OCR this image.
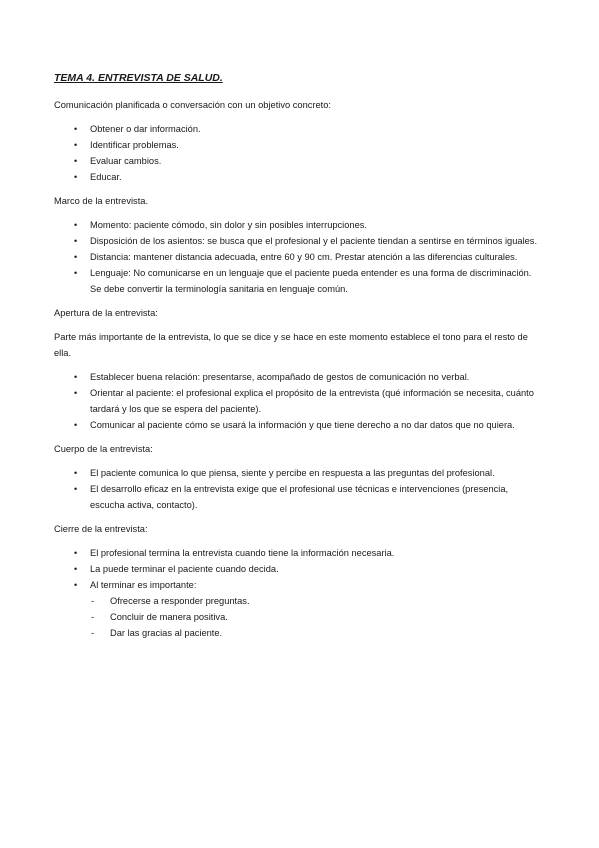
TEMA 4. ENTREVISTA DE SALUD.

Comunicación planificada o conversación con un objetivo concreto:

• Obtener o dar información.
• Identificar problemas.
• Evaluar cambios.
• Educar.

Marco de la entrevista.

• Momento: paciente cómodo, sin dolor y sin posibles interrupciones.
• Disposición de los asientos: se busca que el profesional y el paciente tiendan a sentirse en términos iguales.
• Distancia: mantener distancia adecuada, entre 60 y 90 cm. Prestar atención a las diferencias culturales.
• Lenguaje: No comunicarse en un lenguaje que el paciente pueda entender es una forma de discriminación. Se debe convertir la terminología sanitaria en lenguaje común.

Apertura de la entrevista:

Parte más importante de la entrevista, lo que se dice y se hace en este momento establece el tono para el resto de ella.

• Establecer buena relación: presentarse, acompañado de gestos de comunicación no verbal.
• Orientar al paciente: el profesional explica el propósito de la entrevista (qué información se necesita, cuánto tardará y los que se espera del paciente).
• Comunicar al paciente cómo se usará la información y que tiene derecho a no dar datos que no quiera.

Cuerpo de la entrevista:

• El paciente comunica lo que piensa, siente y percibe en respuesta a las preguntas del profesional.
• El desarrollo eficaz en la entrevista exige que el profesional use técnicas e intervenciones (presencia, escucha activa, contacto).

Cierre de la entrevista:

• El profesional termina la entrevista cuando tiene la información necesaria.
• La puede terminar el paciente cuando decida.
• Al terminar es importante:
- Ofrecerse a responder preguntas.
- Concluir de manera positiva.
- Dar las gracias al paciente.
